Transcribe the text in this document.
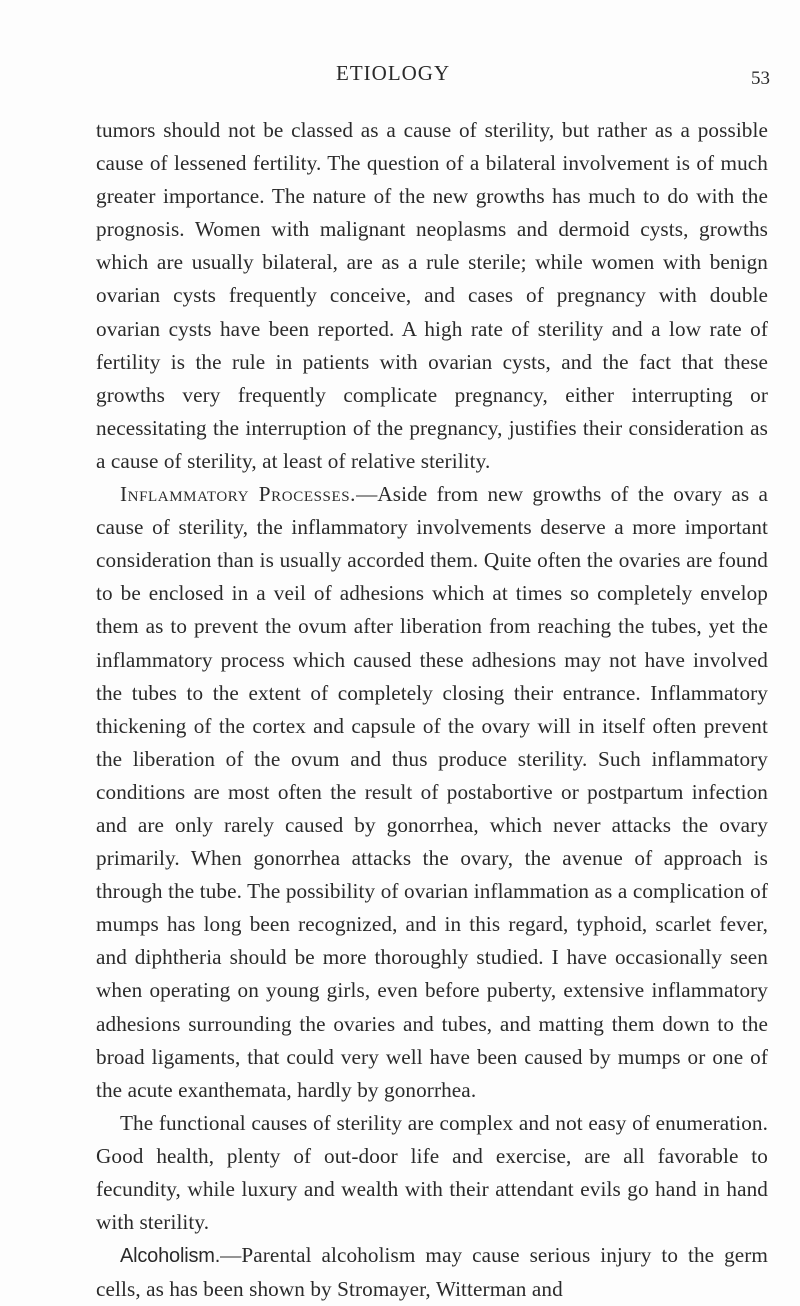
ETIOLOGY	53

tumors should not be classed as a cause of sterility, but rather as a possible cause of lessened fertility. The question of a bilateral involvement is of much greater importance. The nature of the new growths has much to do with the prognosis. Women with malignant neoplasms and dermoid cysts, growths which are usually bilateral, are as a rule sterile; while women with benign ovarian cysts frequently conceive, and cases of pregnancy with double ovarian cysts have been reported. A high rate of sterility and a low rate of fertility is the rule in patients with ovarian cysts, and the fact that these growths very frequently complicate pregnancy, either interrupting or necessitating the interruption of the pregnancy, justifies their consideration as a cause of sterility, at least of relative sterility.

Inflammatory Processes.—Aside from new growths of the ovary as a cause of sterility, the inflammatory involvements deserve a more important consideration than is usually accorded them. Quite often the ovaries are found to be enclosed in a veil of adhesions which at times so completely envelop them as to prevent the ovum after liberation from reaching the tubes, yet the inflammatory process which caused these adhesions may not have involved the tubes to the extent of completely closing their entrance. Inflammatory thickening of the cortex and capsule of the ovary will in itself often prevent the liberation of the ovum and thus produce sterility. Such inflammatory conditions are most often the result of postabortive or postpartum infection and are only rarely caused by gonorrhea, which never attacks the ovary primarily. When gonorrhea attacks the ovary, the avenue of approach is through the tube. The possibility of ovarian inflammation as a complication of mumps has long been recognized, and in this regard, typhoid, scarlet fever, and diphtheria should be more thoroughly studied. I have occasionally seen when operating on young girls, even before puberty, extensive inflammatory adhesions surrounding the ovaries and tubes, and matting them down to the broad ligaments, that could very well have been caused by mumps or one of the acute exanthemata, hardly by gonorrhea.

The functional causes of sterility are complex and not easy of enumeration. Good health, plenty of out-door life and exercise, are all favorable to fecundity, while luxury and wealth with their attendant evils go hand in hand with sterility.

Alcoholism.—Parental alcoholism may cause serious injury to the germ cells, as has been shown by Stromayer, Witterman and
